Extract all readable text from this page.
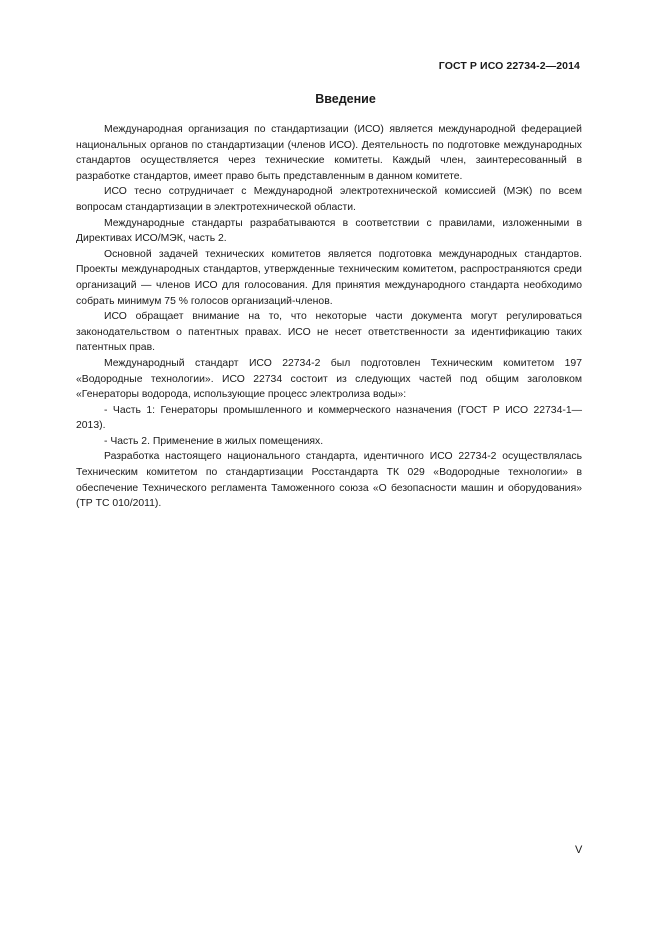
ГОСТ Р ИСО 22734-2—2014
Введение

Международная организация по стандартизации (ИСО) является международной федерацией национальных органов по стандартизации (членов ИСО). Деятельность по подготовке международных стандартов осуществляется через технические комитеты. Каждый член, заинтересованный в разработке стандартов, имеет право быть представленным в данном комитете.

ИСО тесно сотрудничает с Международной электротехнической комиссией (МЭК) по всем вопросам стандартизации в электротехнической области.

Международные стандарты разрабатываются в соответствии с правилами, изложенными в Директивах ИСО/МЭК, часть 2.

Основной задачей технических комитетов является подготовка международных стандартов. Проекты международных стандартов, утвержденные техническим комитетом, распространяются среди организаций — членов ИСО для голосования. Для принятия международного стандарта необходимо собрать минимум 75 % голосов организаций-членов.

ИСО обращает внимание на то, что некоторые части документа могут регулироваться законодательством о патентных правах. ИСО не несет ответственности за идентификацию таких патентных прав.

Международный стандарт ИСО 22734-2 был подготовлен Техническим комитетом 197 «Водородные технологии». ИСО 22734 состоит из следующих частей под общим заголовком «Генераторы водорода, использующие процесс электролиза воды»:

- Часть 1: Генераторы промышленного и коммерческого назначения (ГОСТ Р ИСО 22734-1—2013).

- Часть 2. Применение в жилых помещениях.

Разработка настоящего национального стандарта, идентичного ИСО 22734-2 осуществлялась Техническим комитетом по стандартизации Росстандарта ТК 029 «Водородные технологии» в обеспечение Технического регламента Таможенного союза «О безопасности машин и оборудования» (ТР ТС 010/2011).

V
